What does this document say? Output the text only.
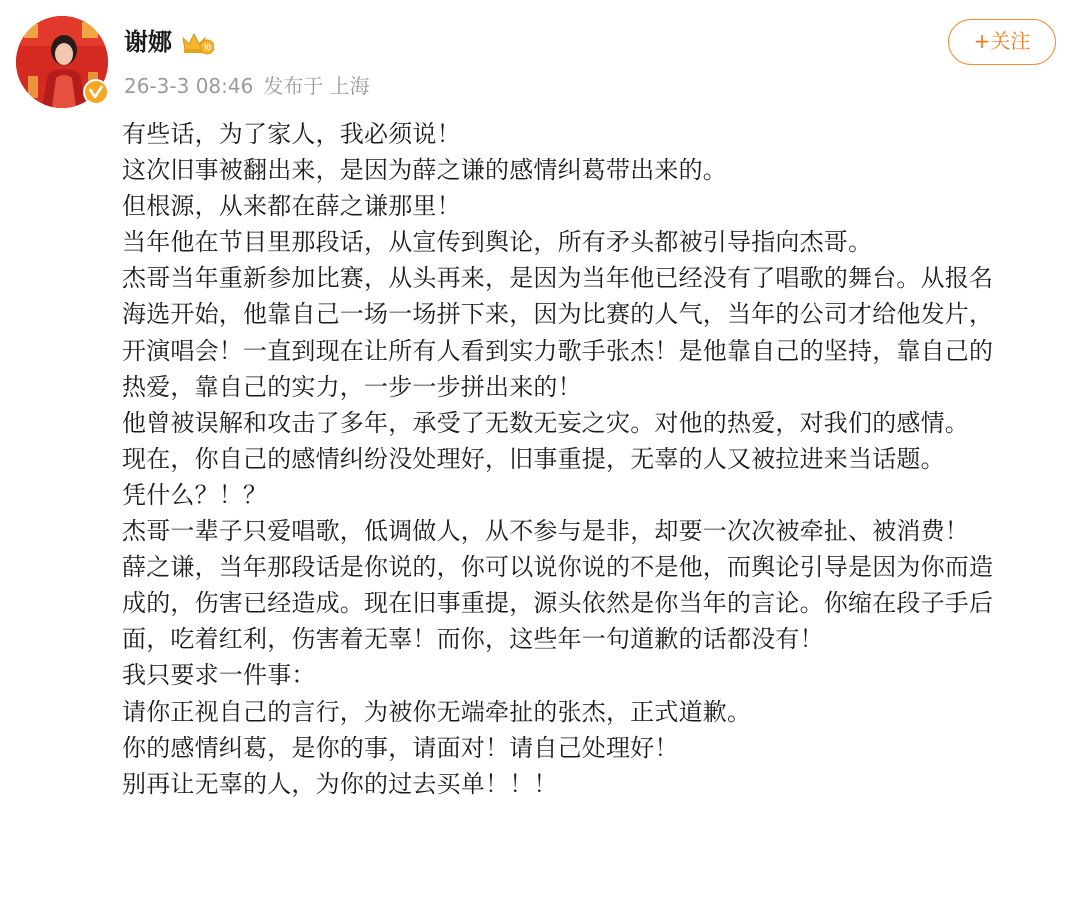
谢娜
26-3-3 08:46 发布于 上海
+关注
有些话，为了家人，我必须说！
这次旧事被翻出来，是因为薛之谦的感情纠葛带出来的。
但根源，从来都在薛之谦那里！
当年他在节目里那段话，从宣传到舆论，所有矛头都被引导指向杰哥。
杰哥当年重新参加比赛，从头再来，是因为当年他已经没有了唱歌的舞台。从报名
海选开始，他靠自己一场一场拼下来，因为比赛的人气，当年的公司才给他发片，
开演唱会！一直到现在让所有人看到实力歌手张杰！是他靠自己的坚持，靠自己的
热爱，靠自己的实力，一步一步拼出来的！
他曾被误解和攻击了多年，承受了无数无妄之灾。对他的热爱，对我们的感情。
现在，你自己的感情纠纷没处理好，旧事重提，无辜的人又被拉进来当话题。
凭什么？！？
杰哥一辈子只爱唱歌，低调做人，从不参与是非，却要一次次被牵扯、被消费！
薛之谦，当年那段话是你说的，你可以说你说的不是他，而舆论引导是因为你而造
成的，伤害已经造成。现在旧事重提，源头依然是你当年的言论。你缩在段子手后
面，吃着红利，伤害着无辜！而你，这些年一句道歉的话都没有！
我只要求一件事：
请你正视自己的言行，为被你无端牵扯的张杰，正式道歉。
你的感情纠葛，是你的事，请面对！请自己处理好！
别再让无辜的人，为你的过去买单！！！
